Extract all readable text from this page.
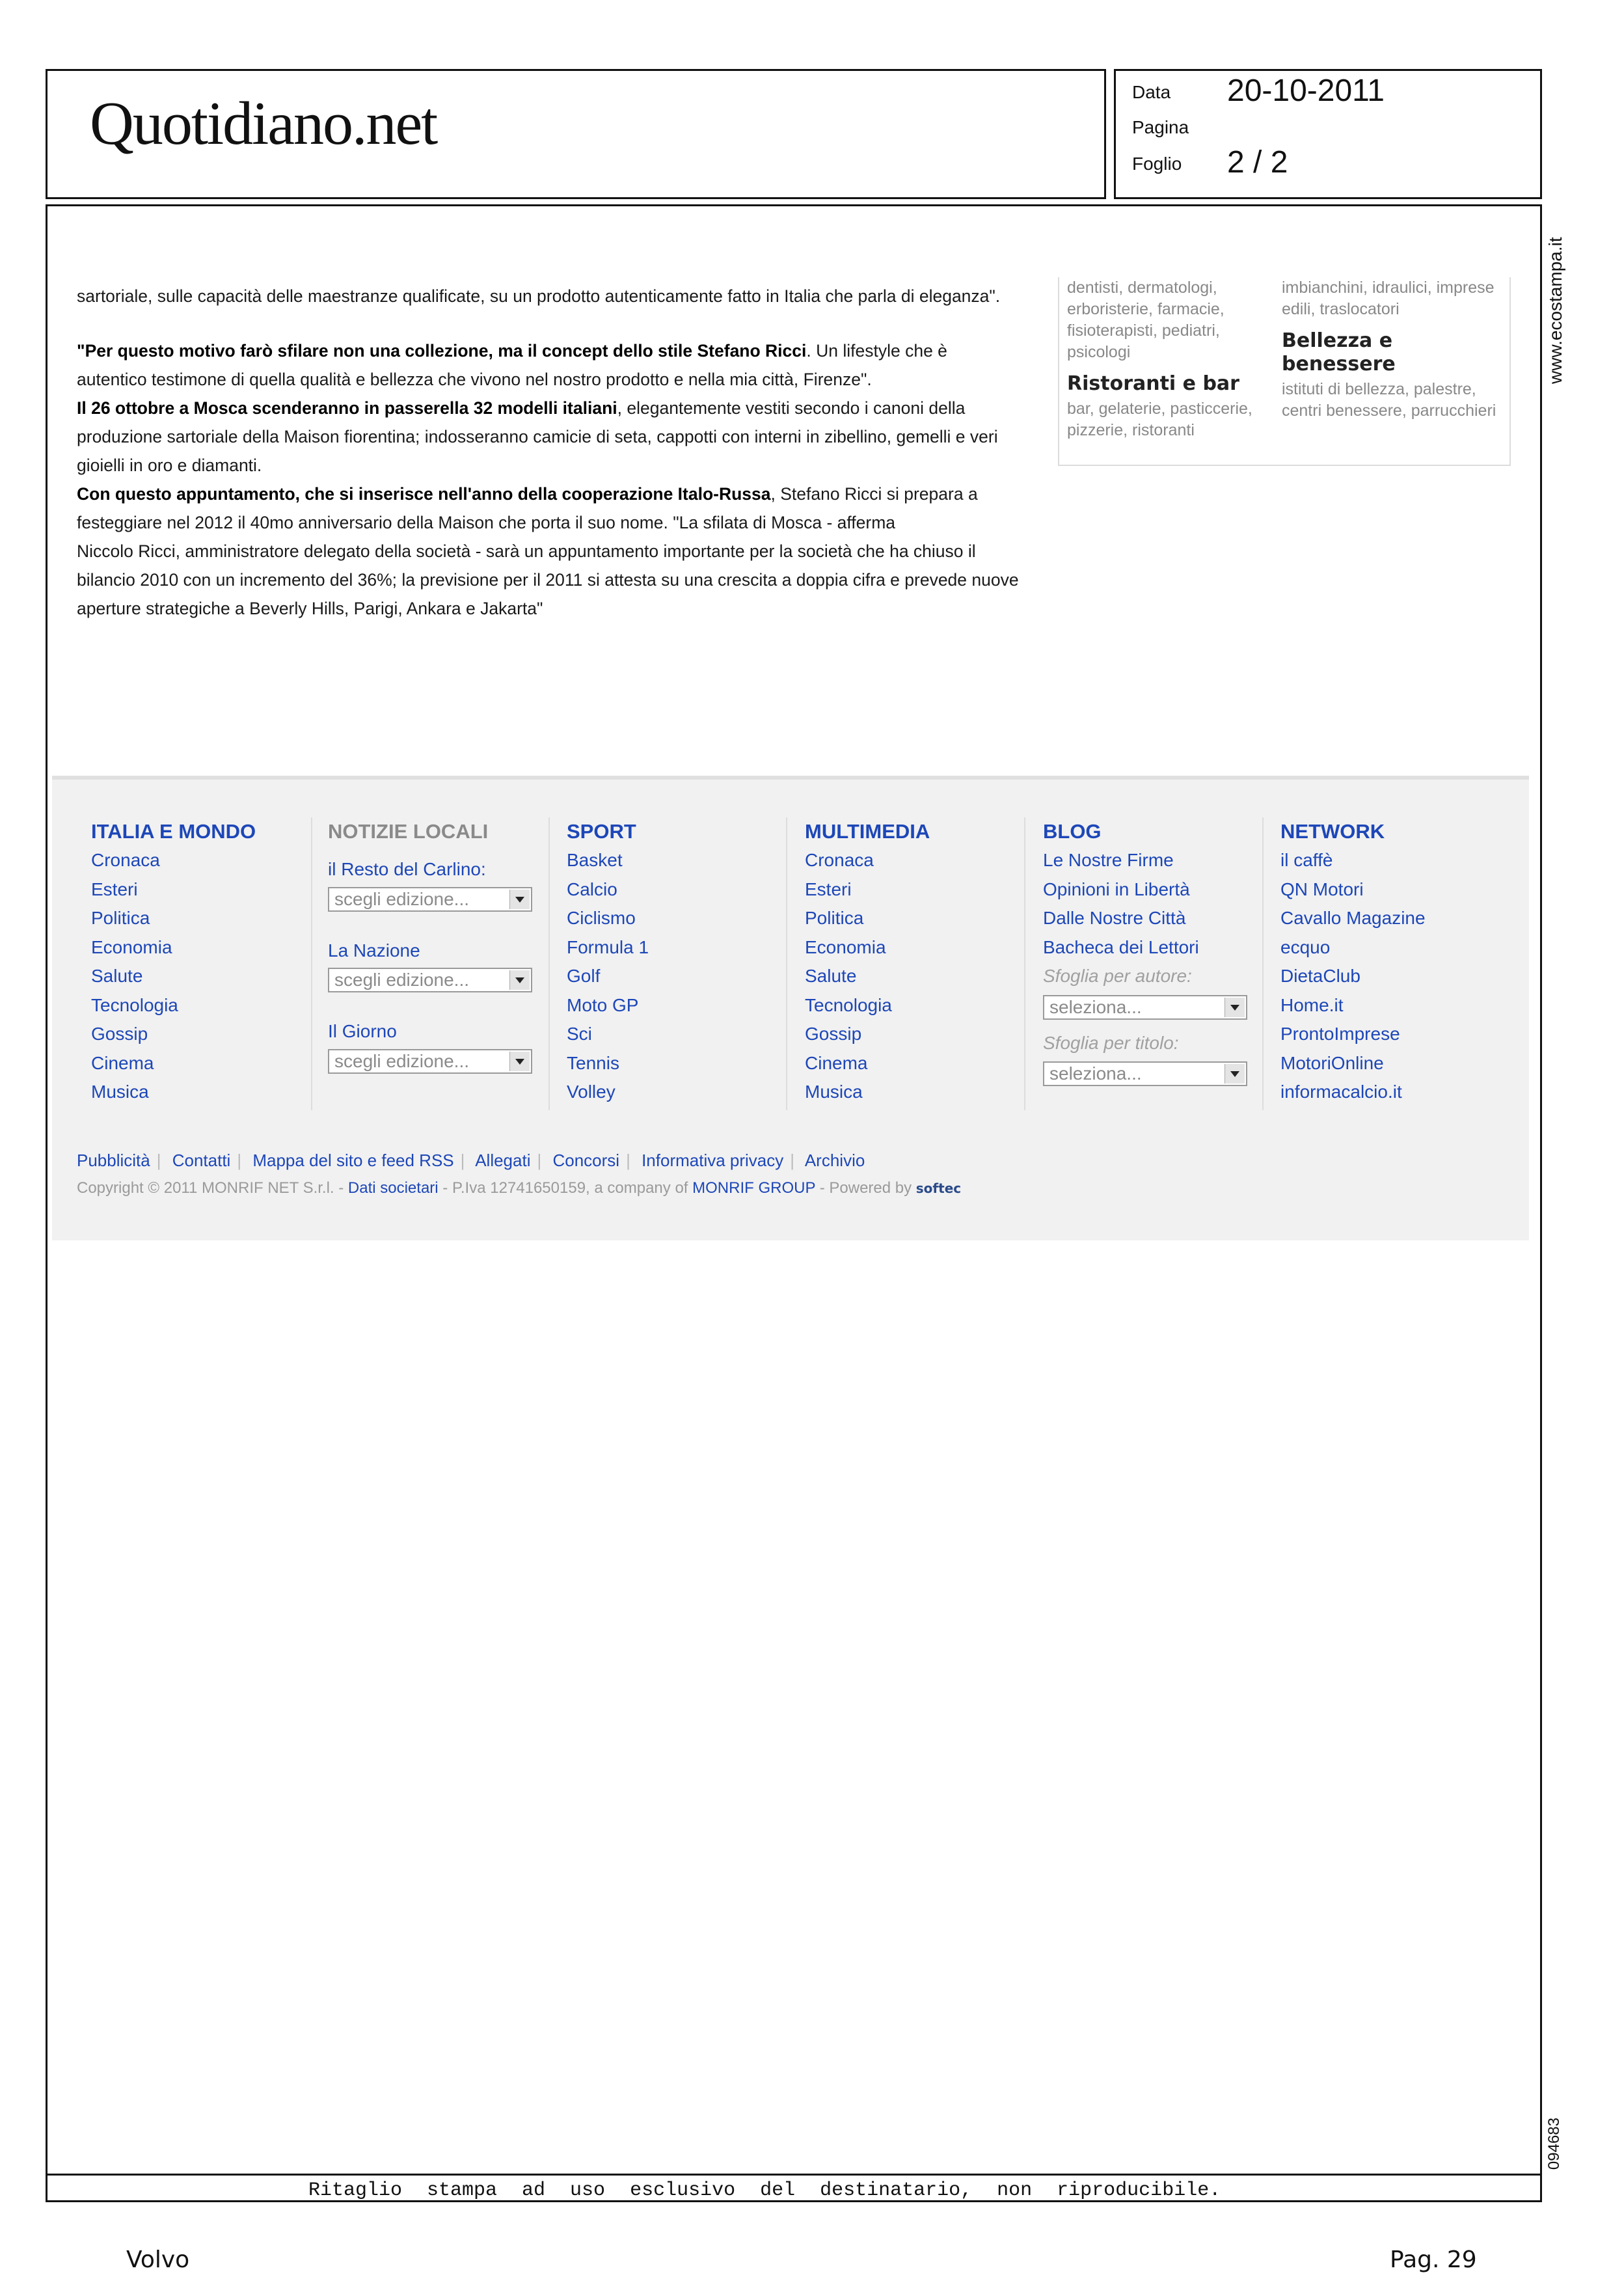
Quotidiano.net	Data 20-10-2011
Pagina
Foglio 2 / 2
Ritaglio stampa ad uso esclusivo del destinatario, non riproducibile.
www.ecostampa.it
094683

sartoriale, sulle capacità delle maestranze qualificate, su un prodotto autenticamente fatto in Italia che parla di eleganza".

"Per questo motivo farò sfilare non una collezione, ma il concept dello stile Stefano Ricci. Un lifestyle che è autentico testimone di quella qualità e bellezza che vivono nel nostro prodotto e nella mia città, Firenze".

Il 26 ottobre a Mosca scenderanno in passerella 32 modelli italiani, elegantemente vestiti secondo i canoni della produzione sartoriale della Maison fiorentina; indosseranno camicie di seta, cappotti con interni in zibellino, gemelli e veri gioielli in oro e diamanti.

Con questo appuntamento, che si inserisce nell'anno della cooperazione Italo-Russa, Stefano Ricci si prepara a festeggiare nel 2012 il 40mo anniversario della Maison che porta il suo nome. "La sfilata di Mosca - afferma

Niccolo Ricci, amministratore delegato della società - sarà un appuntamento importante per la società che ha chiuso il bilancio 2010 con un incremento del 36%; la previsione per il 2011 si attesta su una crescita a doppia cifra e prevede nuove aperture strategiche a Beverly Hills, Parigi, Ankara e Jakarta"

dentisti, dermatologi, erboristerie, farmacie, fisioterapisti, pediatri, psicologi
Ristoranti e bar
bar, gelaterie, pasticcerie, pizzerie, ristoranti
imbianchini, idraulici, imprese edili, traslocatori
Bellezza e benessere
istituti di bellezza, palestre, centri benessere, parrucchieri
ITALIA E MONDO
Cronaca
Esteri
Politica
Economia
Salute
Tecnologia
Gossip
Cinema
Musica
NOTIZIE LOCALI
il Resto del Carlino:
scegli edizione...
La Nazione
scegli edizione...
Il Giorno
scegli edizione...
SPORT
Basket
Calcio
Ciclismo
Formula 1
Golf
Moto GP
Sci
Tennis
Volley
MULTIMEDIA
Cronaca
Esteri
Politica
Economia
Salute
Tecnologia
Gossip
Cinema
Musica
BLOG
Le Nostre Firme
Opinioni in Libertà
Dalle Nostre Città
Bacheca dei Lettori
Sfoglia per autore:
seleziona...
Sfoglia per titolo:
seleziona...
NETWORK
il caffè
QN Motori
Cavallo Magazine
ecquo
DietaClub
Home.it
ProntoImprese
MotoriOnline
informacalcio.it
Pubblicità | Contatti | Mappa del sito e feed RSS | Allegati | Concorsi | Informativa privacy | Archivio
Copyright © 2011 MONRIF NET S.r.l. - Dati societari - P.Iva 12741650159, a company of MONRIF GROUP - Powered by softec
Volvo	Pag. 29
